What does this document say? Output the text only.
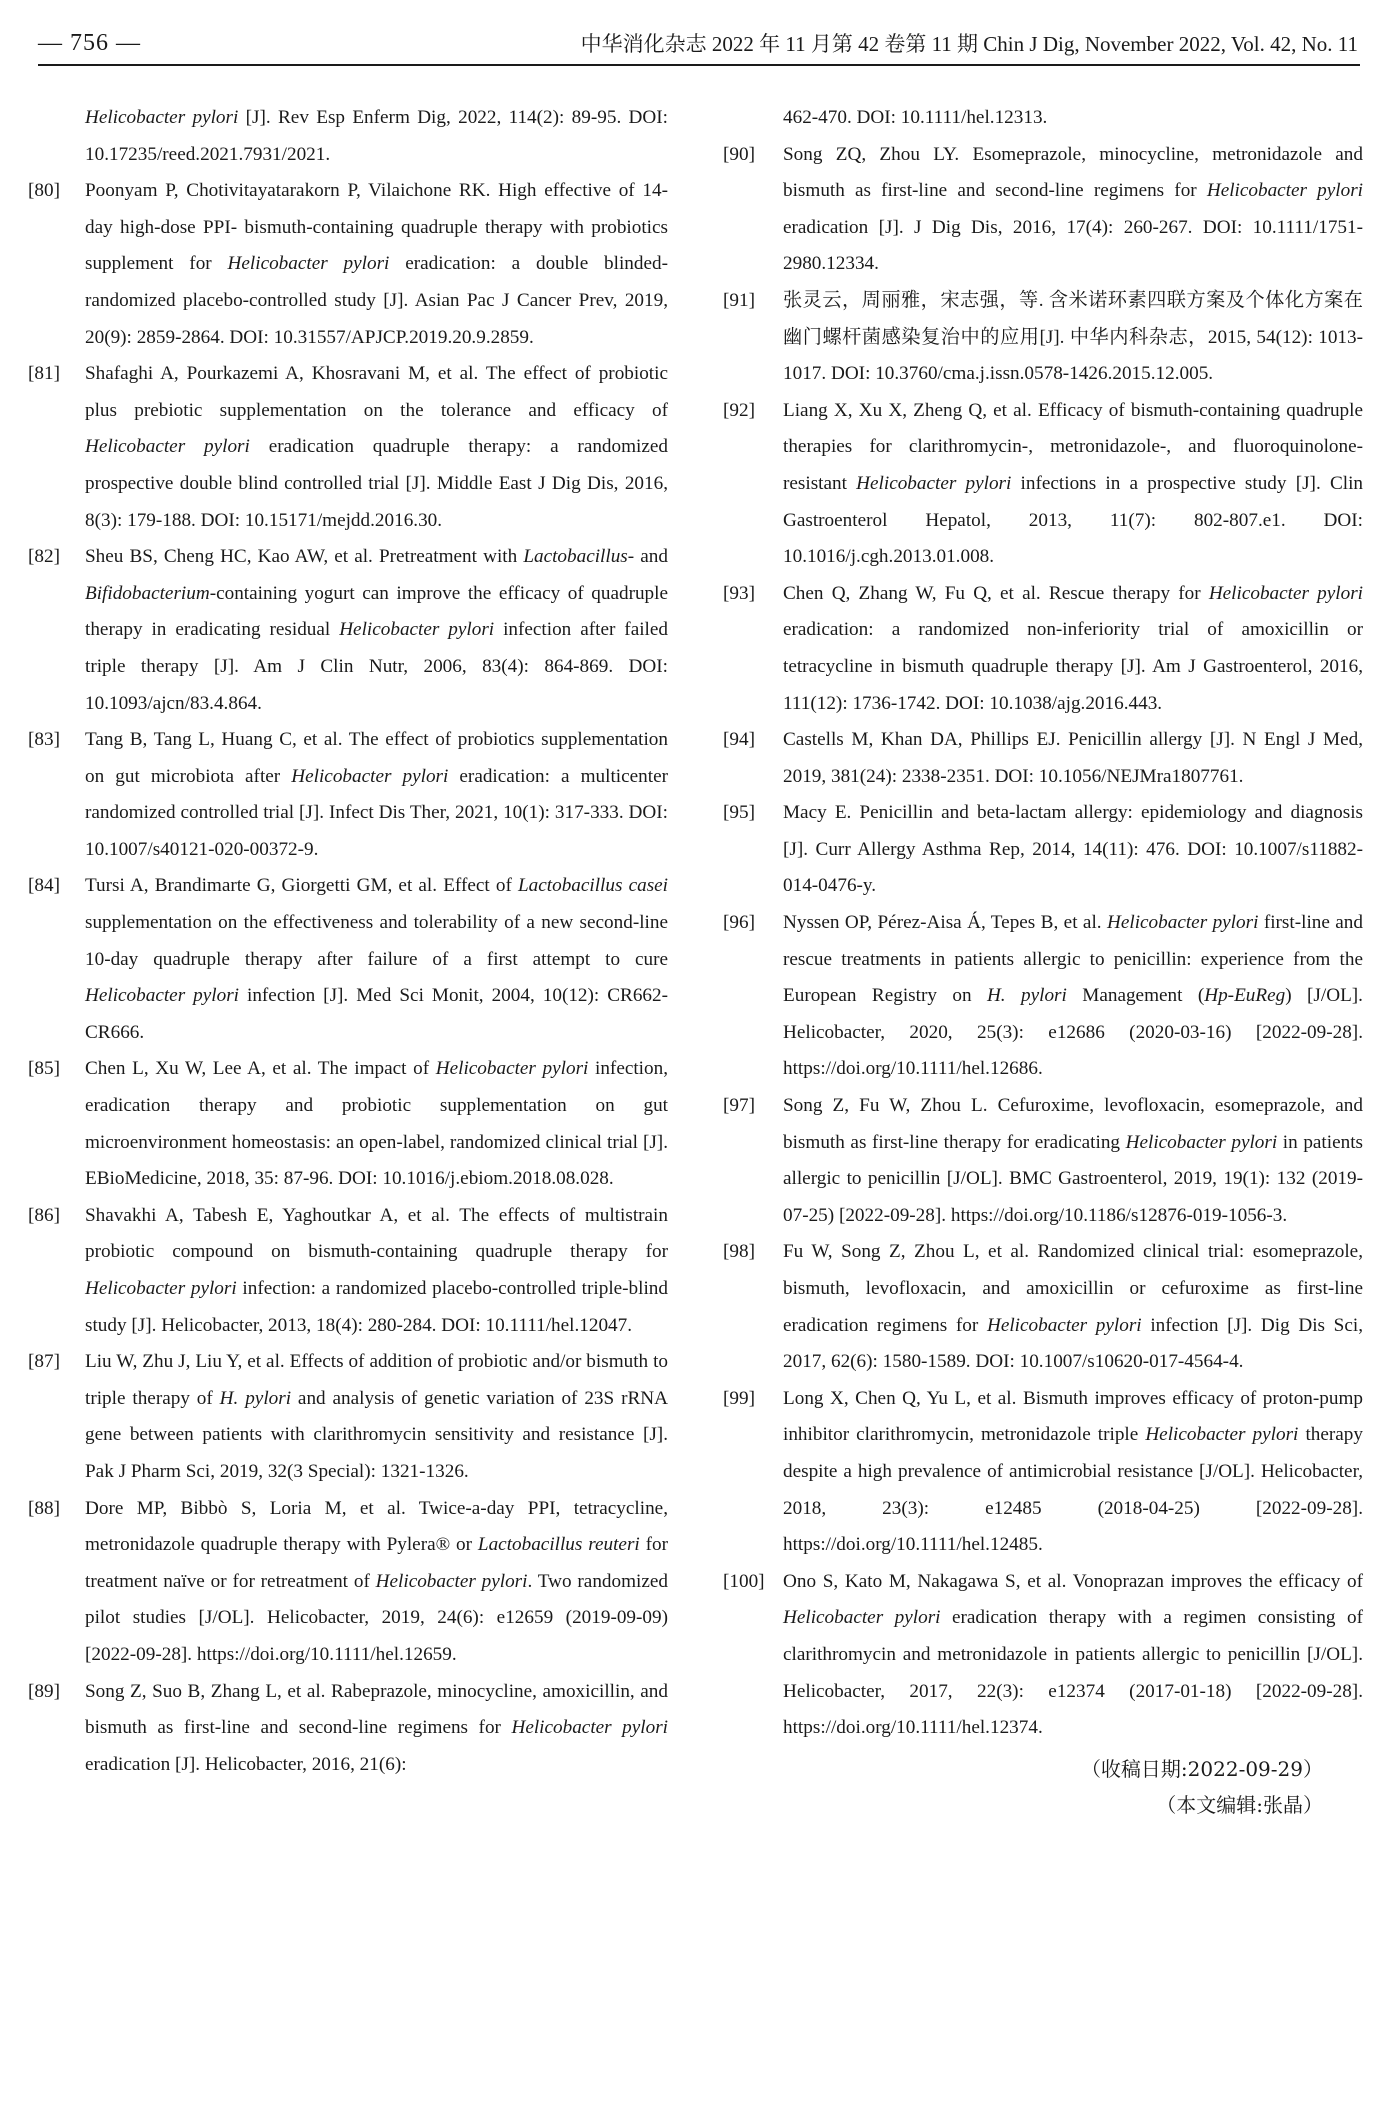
— 756 —	中华消化杂志 2022 年 11 月第 42 卷第 11 期 Chin J Dig, November 2022, Vol. 42, No. 11
Helicobacter pylori [J]. Rev Esp Enferm Dig, 2022, 114(2): 89-95. DOI: 10.17235/reed.2021.7931/2021.
[80] Poonyam P, Chotivitayatarakorn P, Vilaichone RK. High effective of 14-day high-dose PPI- bismuth-containing quadruple therapy with probiotics supplement for Helicobacter pylori eradication: a double blinded-randomized placebo-controlled study [J]. Asian Pac J Cancer Prev, 2019, 20(9): 2859-2864. DOI: 10.31557/APJCP.2019.20.9.2859.
[81] Shafaghi A, Pourkazemi A, Khosravani M, et al. The effect of probiotic plus prebiotic supplementation on the tolerance and efficacy of Helicobacter pylori eradication quadruple therapy: a randomized prospective double blind controlled trial [J]. Middle East J Dig Dis, 2016, 8(3): 179-188. DOI: 10.15171/mejdd.2016.30.
[82] Sheu BS, Cheng HC, Kao AW, et al. Pretreatment with Lactobacillus- and Bifidobacterium-containing yogurt can improve the efficacy of quadruple therapy in eradicating residual Helicobacter pylori infection after failed triple therapy [J]. Am J Clin Nutr, 2006, 83(4): 864-869. DOI: 10.1093/ajcn/83.4.864.
[83] Tang B, Tang L, Huang C, et al. The effect of probiotics supplementation on gut microbiota after Helicobacter pylori eradication: a multicenter randomized controlled trial [J]. Infect Dis Ther, 2021, 10(1): 317-333. DOI: 10.1007/s40121-020-00372-9.
[84] Tursi A, Brandimarte G, Giorgetti GM, et al. Effect of Lactobacillus casei supplementation on the effectiveness and tolerability of a new second-line 10-day quadruple therapy after failure of a first attempt to cure Helicobacter pylori infection [J]. Med Sci Monit, 2004, 10(12): CR662-CR666.
[85] Chen L, Xu W, Lee A, et al. The impact of Helicobacter pylori infection, eradication therapy and probiotic supplementation on gut microenvironment homeostasis: an open-label, randomized clinical trial [J]. EBioMedicine, 2018, 35: 87-96. DOI: 10.1016/j.ebiom.2018.08.028.
[86] Shavakhi A, Tabesh E, Yaghoutkar A, et al. The effects of multistrain probiotic compound on bismuth-containing quadruple therapy for Helicobacter pylori infection: a randomized placebo-controlled triple-blind study [J]. Helicobacter, 2013, 18(4): 280-284. DOI: 10.1111/hel.12047.
[87] Liu W, Zhu J, Liu Y, et al. Effects of addition of probiotic and/or bismuth to triple therapy of H. pylori and analysis of genetic variation of 23S rRNA gene between patients with clarithromycin sensitivity and resistance [J]. Pak J Pharm Sci, 2019, 32(3 Special): 1321-1326.
[88] Dore MP, Bibbò S, Loria M, et al. Twice-a-day PPI, tetracycline, metronidazole quadruple therapy with Pylera® or Lactobacillus reuteri for treatment naïve or for retreatment of Helicobacter pylori. Two randomized pilot studies [J/OL]. Helicobacter, 2019, 24(6): e12659 (2019-09-09) [2022-09-28]. https://doi.org/10.1111/hel.12659.
[89] Song Z, Suo B, Zhang L, et al. Rabeprazole, minocycline, amoxicillin, and bismuth as first-line and second-line regimens for Helicobacter pylori eradication [J]. Helicobacter, 2016, 21(6):
462-470. DOI: 10.1111/hel.12313.
[90] Song ZQ, Zhou LY. Esomeprazole, minocycline, metronidazole and bismuth as first-line and second-line regimens for Helicobacter pylori eradication [J]. J Dig Dis, 2016, 17(4): 260-267. DOI: 10.1111/1751-2980.12334.
[91] 张灵云，周丽雅，宋志强，等. 含米诺环素四联方案及个体化方案在幽门螺杆菌感染复治中的应用[J]. 中华内科杂志，2015, 54(12): 1013-1017. DOI: 10.3760/cma.j.issn.0578-1426.2015.12.005.
[92] Liang X, Xu X, Zheng Q, et al. Efficacy of bismuth-containing quadruple therapies for clarithromycin-, metronidazole-, and fluoroquinolone-resistant Helicobacter pylori infections in a prospective study [J]. Clin Gastroenterol Hepatol, 2013, 11(7): 802-807.e1. DOI: 10.1016/j.cgh.2013.01.008.
[93] Chen Q, Zhang W, Fu Q, et al. Rescue therapy for Helicobacter pylori eradication: a randomized non-inferiority trial of amoxicillin or tetracycline in bismuth quadruple therapy [J]. Am J Gastroenterol, 2016, 111(12): 1736-1742. DOI: 10.1038/ajg.2016.443.
[94] Castells M, Khan DA, Phillips EJ. Penicillin allergy [J]. N Engl J Med, 2019, 381(24): 2338-2351. DOI: 10.1056/NEJMra1807761.
[95] Macy E. Penicillin and beta-lactam allergy: epidemiology and diagnosis [J]. Curr Allergy Asthma Rep, 2014, 14(11): 476. DOI: 10.1007/s11882-014-0476-y.
[96] Nyssen OP, Pérez-Aisa Á, Tepes B, et al. Helicobacter pylori first-line and rescue treatments in patients allergic to penicillin: experience from the European Registry on H. pylori Management (Hp-EuReg) [J/OL]. Helicobacter, 2020, 25(3): e12686 (2020-03-16) [2022-09-28]. https://doi.org/10.1111/hel.12686.
[97] Song Z, Fu W, Zhou L. Cefuroxime, levofloxacin, esomeprazole, and bismuth as first-line therapy for eradicating Helicobacter pylori in patients allergic to penicillin [J/OL]. BMC Gastroenterol, 2019, 19(1): 132 (2019-07-25) [2022-09-28]. https://doi.org/10.1186/s12876-019-1056-3.
[98] Fu W, Song Z, Zhou L, et al. Randomized clinical trial: esomeprazole, bismuth, levofloxacin, and amoxicillin or cefuroxime as first-line eradication regimens for Helicobacter pylori infection [J]. Dig Dis Sci, 2017, 62(6): 1580-1589. DOI: 10.1007/s10620-017-4564-4.
[99] Long X, Chen Q, Yu L, et al. Bismuth improves efficacy of proton-pump inhibitor clarithromycin, metronidazole triple Helicobacter pylori therapy despite a high prevalence of antimicrobial resistance [J/OL]. Helicobacter, 2018, 23(3): e12485 (2018-04-25) [2022-09-28]. https://doi.org/10.1111/hel.12485.
[100] Ono S, Kato M, Nakagawa S, et al. Vonoprazan improves the efficacy of Helicobacter pylori eradication therapy with a regimen consisting of clarithromycin and metronidazole in patients allergic to penicillin [J/OL]. Helicobacter, 2017, 22(3): e12374 (2017-01-18) [2022-09-28]. https://doi.org/10.1111/hel.12374.
（收稿日期:2022-09-29）
（本文编辑:张晶）
